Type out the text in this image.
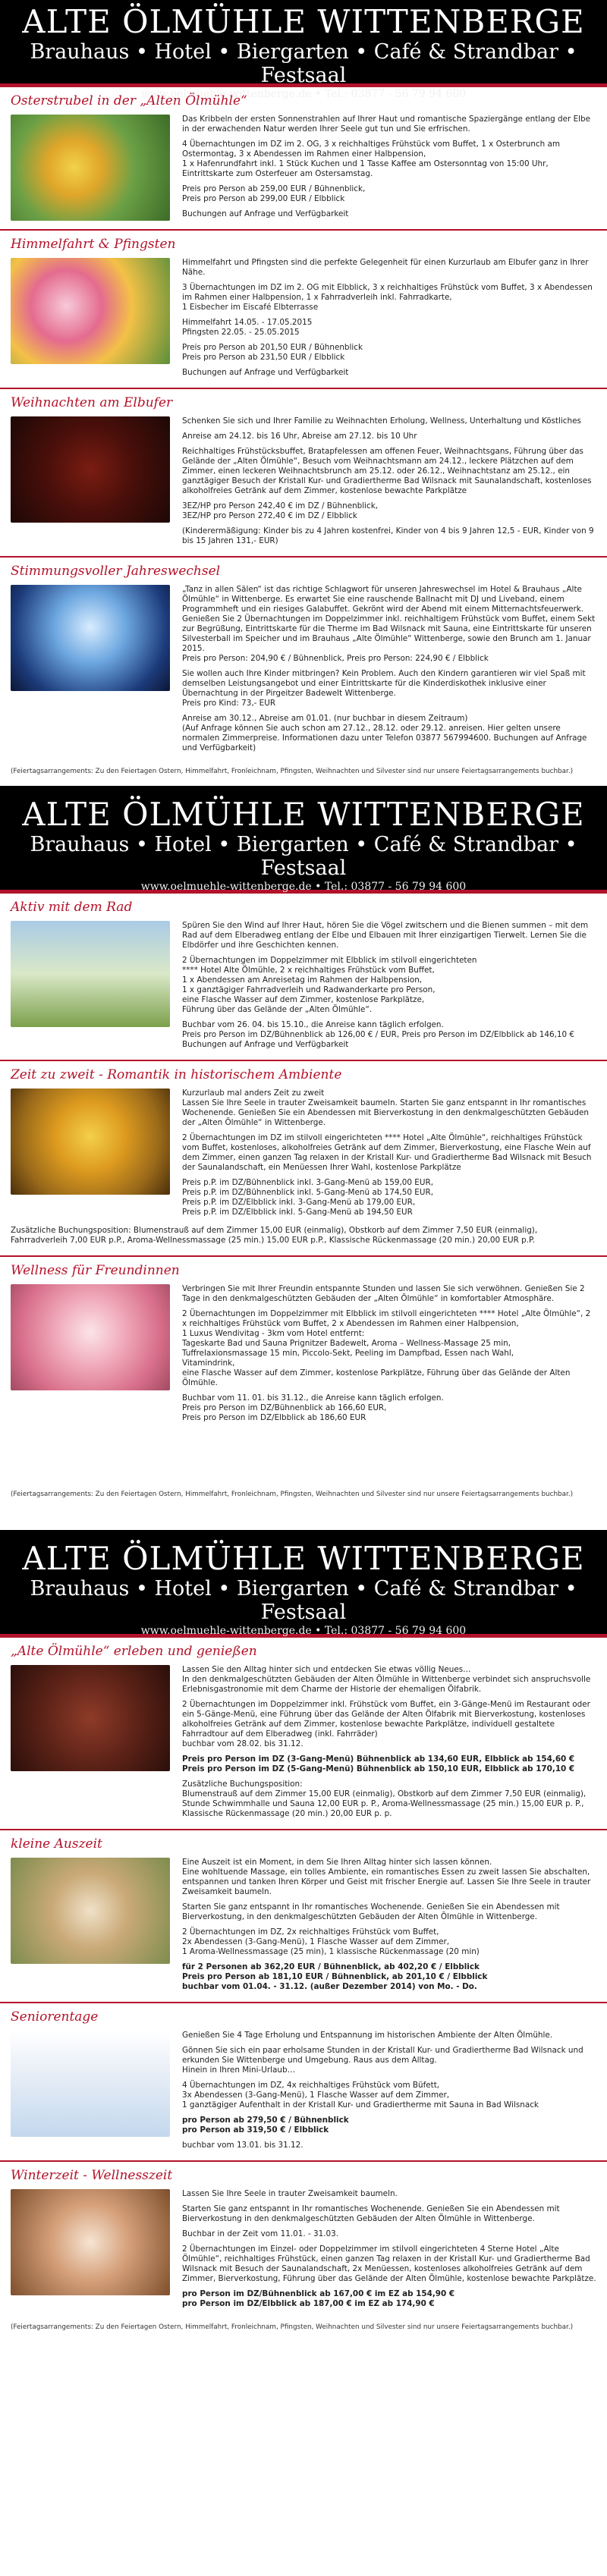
ALTE ÖLMÜHLE WITTENBERGE
Brauhaus • Hotel • Biergarten • Café & Strandbar • Festsaal
www.oelmuehle-wittenberge.de • Tel.: 03877 - 56 79 94 600
Osterstrubel in der „Alten Ölmühle“

Das Kribbeln der ersten Sonnenstrahlen auf Ihrer Haut und romantische Spaziergänge entlang der Elbe in der erwachenden Natur werden Ihrer Seele gut tun und Sie erfrischen.

4 Übernachtungen im DZ im 2. OG, 3 x reichhaltiges Frühstück vom Buffet, 1 x Osterbrunch am Ostermontag, 3 x Abendessen im Rahmen einer Halbpension,
1 x Hafenrundfahrt inkl. 1 Stück Kuchen und 1 Tasse Kaffee am Ostersonntag von 15:00 Uhr, Eintrittskarte zum Osterfeuer am Ostersamstag.

Preis pro Person ab 259,00 EUR / Bühnenblick,
Preis pro Person ab 299,00 EUR / Elbblick

Buchungen auf Anfrage und Verfügbarkeit

Himmelfahrt & Pfingsten

Himmelfahrt und Pfingsten sind die perfekte Gelegenheit für einen Kurzurlaub am Elbufer ganz in Ihrer Nähe.

3 Übernachtungen im DZ im 2. OG mit Elbblick, 3 x reichhaltiges Frühstück vom Buffet, 3 x Abendessen im Rahmen einer Halbpension, 1 x Fahrradverleih inkl. Fahrradkarte,
1 Eisbecher im Eiscafé Elbterrasse

Himmelfahrt 14.05. - 17.05.2015
Pfingsten 22.05. - 25.05.2015

Preis pro Person ab 201,50 EUR / Bühnenblick
Preis pro Person ab 231,50 EUR / Elbblick

Buchungen auf Anfrage und Verfügbarkeit

Weihnachten am Elbufer

Schenken Sie sich und Ihrer Familie zu Weihnachten Erholung, Wellness, Unterhaltung und Köstliches

Anreise am 24.12. bis 16 Uhr, Abreise am 27.12. bis 10 Uhr

Reichhaltiges Frühstücksbuffet, Bratapfelessen am offenen Feuer, Weihnachtsgans, Führung über das Gelände der „Alten Ölmühle“, Besuch vom Weihnachtsmann am 24.12., leckere Plätzchen auf dem Zimmer, einen leckeren Weihnachtsbrunch am 25.12. oder 26.12., Weihnachtstanz am 25.12., ein ganztägiger Besuch der Kristall Kur- und Gradiertherme Bad Wilsnack mit Saunalandschaft, kostenloses alkoholfreies Getränk auf dem Zimmer, kostenlose bewachte Parkplätze

3EZ/HP pro Person 242,40 € im DZ / Bühnenblick,
3EZ/HP pro Person 272,40 € im DZ / Elbblick

(Kinderermäßigung: Kinder bis zu 4 Jahren kostenfrei, Kinder von 4 bis 9 Jahren 12,5 - EUR, Kinder von 9 bis 15 Jahren 131,- EUR)

Stimmungsvoller Jahreswechsel

„Tanz in allen Sälen“ ist das richtige Schlagwort für unseren Jahreswechsel im Hotel & Brauhaus „Alte Ölmühle“ in Wittenberge. Es erwartet Sie eine rauschende Ballnacht mit DJ und Liveband, einem Programmheft und ein riesiges Galabuffet. Gekrönt wird der Abend mit einem Mitternachtsfeuerwerk. Genießen Sie 2 Übernachtungen im Doppelzimmer inkl. reichhaltigem Frühstück vom Buffet, einem Sekt zur Begrüßung, Eintrittskarte für die Therme im Bad Wilsnack mit Sauna, eine Eintrittskarte für unseren Silvesterball im Speicher und im Brauhaus „Alte Ölmühle“ Wittenberge, sowie den Brunch am 1. Januar 2015.
Preis pro Person: 204,90 € / Bühnenblick, Preis pro Person: 224,90 € / Elbblick

Sie wollen auch Ihre Kinder mitbringen? Kein Problem. Auch den Kindern garantieren wir viel Spaß mit demselben Leistungsangebot und einer Eintrittskarte für die Kinderdiskothek inklusive einer Übernachtung in der Pirgeitzer Badewelt Wittenberge.
Preis pro Kind: 73,- EUR

Anreise am 30.12., Abreise am 01.01. (nur buchbar in diesem Zeitraum)
(Auf Anfrage können Sie auch schon am 27.12., 28.12. oder 29.12. anreisen. Hier gelten unsere normalen Zimmerpreise. Informationen dazu unter Telefon 03877 567994600. Buchungen auf Anfrage und Verfügbarkeit)

(Feiertagsarrangements: Zu den Feiertagen Ostern, Himmelfahrt, Fronleichnam, Pfingsten, Weihnachten und Silvester sind nur unsere Feiertagsarrangements buchbar.)
ALTE ÖLMÜHLE WITTENBERGE
Brauhaus • Hotel • Biergarten • Café & Strandbar • Festsaal
www.oelmuehle-wittenberge.de • Tel.: 03877 - 56 79 94 600
Aktiv mit dem Rad

Spüren Sie den Wind auf Ihrer Haut, hören Sie die Vögel zwitschern und die Bienen summen – mit dem Rad auf dem Elberadweg entlang der Elbe und Elbauen mit Ihrer einzigartigen Tierwelt. Lernen Sie die Elbdörfer und ihre Geschichten kennen.

2 Übernachtungen im Doppelzimmer mit Elbblick im stilvoll eingerichteten
**** Hotel Alte Ölmühle, 2 x reichhaltiges Frühstück vom Buffet,
1 x Abendessen am Anreisetag im Rahmen der Halbpension,
1 x ganztägiger Fahrradverleih und Radwanderkarte pro Person,
eine Flasche Wasser auf dem Zimmer, kostenlose Parkplätze,
Führung über das Gelände der „Alten Ölmühle“.

Buchbar vom 26. 04. bis 15.10., die Anreise kann täglich erfolgen.
Preis pro Person im DZ/Bühnenblick ab 126,00 € / EUR, Preis pro Person im DZ/Elbblick ab 146,10 €
Buchungen auf Anfrage und Verfügbarkeit

Zeit zu zweit - Romantik in historischem Ambiente

Kurzurlaub mal anders Zeit zu zweit
Lassen Sie Ihre Seele in trauter Zweisamkeit baumeln. Starten Sie ganz entspannt in Ihr romantisches Wochenende. Genießen Sie ein Abendessen mit Bierverkostung in den denkmalgeschützten Gebäuden der „Alten Ölmühle“ in Wittenberge.

2 Übernachtungen im DZ im stilvoll eingerichteten **** Hotel „Alte Ölmühle“, reichhaltiges Frühstück vom Buffet, kostenloses, alkoholfreies Getränk auf dem Zimmer, Bierverkostung, eine Flasche Wein auf dem Zimmer, einen ganzen Tag relaxen in der Kristall Kur- und Gradiertherme Bad Wilsnack mit Besuch der Saunalandschaft, ein Menüessen Ihrer Wahl, kostenlose Parkplätze

Preis p.P. im DZ/Bühnenblick inkl. 3-Gang-Menü ab 159,00 EUR,
Preis p.P. im DZ/Bühnenblick inkl. 5-Gang-Menü ab 174,50 EUR,
Preis p.P. im DZ/Elbblick inkl. 3-Gang-Menü ab 179,00 EUR,
Preis p.P. im DZ/Elbblick inkl. 5-Gang-Menü ab 194,50 EUR

Zusätzliche Buchungsposition: Blumenstrauß auf dem Zimmer 15,00 EUR (einmalig), Obstkorb auf dem Zimmer 7,50 EUR (einmalig), Fahrradverleih 7,00 EUR p.P., Aroma-Wellnessmassage (25 min.) 15,00 EUR p.P., Klassische Rückenmassage (20 min.) 20,00 EUR p.P.

Wellness für Freundinnen

Verbringen Sie mit Ihrer Freundin entspannte Stunden und lassen Sie sich verwöhnen. Genießen Sie 2 Tage in den denkmalgeschützten Gebäuden der „Alten Ölmühle“ in komfortabler Atmosphäre.

2 Übernachtungen im Doppelzimmer mit Elbblick im stilvoll eingerichteten **** Hotel „Alte Ölmühle“, 2 x reichhaltiges Frühstück vom Buffet, 2 x Abendessen im Rahmen einer Halbpension,
1 Luxus Wendivitag - 3km vom Hotel entfernt:
Tageskarte Bad und Sauna Prignitzer Badewelt, Aroma – Wellness-Massage 25 min,
Tuffrelaxionsmassage 15 min, Piccolo-Sekt, Peeling im Dampfbad, Essen nach Wahl,
Vitamindrink,
eine Flasche Wasser auf dem Zimmer, kostenlose Parkplätze, Führung über das Gelände der Alten Ölmühle.

Buchbar vom 11. 01. bis 31.12., die Anreise kann täglich erfolgen.
Preis pro Person im DZ/Bühnenblick ab 166,60 EUR,
Preis pro Person im DZ/Elbblick ab 186,60 EUR

(Feiertagsarrangements: Zu den Feiertagen Ostern, Himmelfahrt, Fronleichnam, Pfingsten, Weihnachten und Silvester sind nur unsere Feiertagsarrangements buchbar.)
ALTE ÖLMÜHLE WITTENBERGE
Brauhaus • Hotel • Biergarten • Café & Strandbar • Festsaal
www.oelmuehle-wittenberge.de • Tel.: 03877 - 56 79 94 600
„Alte Ölmühle“ erleben und genießen

Lassen Sie den Alltag hinter sich und entdecken Sie etwas völlig Neues…
In den denkmalgeschützten Gebäuden der Alten Ölmühle in Wittenberge verbindet sich anspruchsvolle Erlebnisgastronomie mit dem Charme der Historie der ehemaligen Ölfabrik.

2 Übernachtungen im Doppelzimmer inkl. Frühstück vom Buffet, ein 3-Gänge-Menü im Restaurant oder ein 5-Gänge-Menü, eine Führung über das Gelände der Alten Ölfabrik mit Bierverkostung, kostenloses alkoholfreies Getränk auf dem Zimmer, kostenlose bewachte Parkplätze, individuell gestaltete Fahrradtour auf dem Elberadweg (inkl. Fahrräder)
buchbar vom 28.02. bis 31.12.

Preis pro Person im DZ (3-Gang-Menü) Bühnenblick ab 134,60 EUR, Elbblick ab 154,60 €
Preis pro Person im DZ (5-Gang-Menü) Bühnenblick ab 150,10 EUR, Elbblick ab 170,10 €

Zusätzliche Buchungsposition:
Blumenstrauß auf dem Zimmer 15,00 EUR (einmalig), Obstkorb auf dem Zimmer 7,50 EUR (einmalig), Stunde Schwimmhalle und Sauna 12,00 EUR p. P., Aroma-Wellnessmassage (25 min.) 15,00 EUR p. P., Klassische Rückenmassage (20 min.) 20,00 EUR p. p.

kleine Auszeit

Eine Auszeit ist ein Moment, in dem Sie Ihren Alltag hinter sich lassen können.
Eine wohltuende Massage, ein tolles Ambiente, ein romantisches Essen zu zweit lassen Sie abschalten, entspannen und tanken Ihren Körper und Geist mit frischer Energie auf. Lassen Sie Ihre Seele in trauter Zweisamkeit baumeln.

Starten Sie ganz entspannt in Ihr romantisches Wochenende. Genießen Sie ein Abendessen mit Bierverkostung, in den denkmalgeschützten Gebäuden der Alten Ölmühle in Wittenberge.

2 Übernachtungen im DZ, 2x reichhaltiges Frühstück vom Buffet,
2x Abendessen (3-Gang-Menü), 1 Flasche Wasser auf dem Zimmer,
1 Aroma-Wellnessmassage (25 min), 1 klassische Rückenmassage (20 min)

für 2 Personen ab 362,20 EUR / Bühnenblick, ab 402,20 € / Elbblick
Preis pro Person ab 181,10 EUR / Bühnenblick, ab 201,10 € / Elbblick
buchbar vom 01.04. - 31.12. (außer Dezember 2014) von Mo. - Do.

Seniorentage

Genießen Sie 4 Tage Erholung und Entspannung im historischen Ambiente der Alten Ölmühle.

Gönnen Sie sich ein paar erholsame Stunden in der Kristall Kur- und Gradiertherme Bad Wilsnack und erkunden Sie Wittenberge und Umgebung. Raus aus dem Alltag.
Hinein in Ihren Mini-Urlaub…

4 Übernachtungen im DZ, 4x reichhaltiges Frühstück vom Büfett,
3x Abendessen (3-Gang-Menü), 1 Flasche Wasser auf dem Zimmer,
1 ganztägiger Aufenthalt in der Kristall Kur- und Gradiertherme mit Sauna in Bad Wilsnack

pro Person ab 279,50 € / Bühnenblick
pro Person ab 319,50 € / Elbblick

buchbar vom 13.01. bis 31.12.

Winterzeit - Wellnesszeit

Lassen Sie Ihre Seele in trauter Zweisamkeit baumeln.

Starten Sie ganz entspannt in Ihr romantisches Wochenende. Genießen Sie ein Abendessen mit Bierverkostung in den denkmalgeschützten Gebäuden der Alten Ölmühle in Wittenberge.

Buchbar in der Zeit vom 11.01. - 31.03.

2 Übernachtungen im Einzel- oder Doppelzimmer im stilvoll eingerichteten 4 Sterne Hotel „Alte Ölmühle“, reichhaltiges Frühstück, einen ganzen Tag relaxen in der Kristall Kur- und Gradiertherme Bad Wilsnack mit Besuch der Saunalandschaft, 2x Menüessen, kostenloses alkoholfreies Getränk auf dem Zimmer, Bierverkostung, Führung über das Gelände der Alten Ölmühle, kostenlose bewachte Parkplätze.

pro Person im DZ/Bühnenblick ab 167,00 € im EZ ab 154,90 €
pro Person im DZ/Elbblick ab 187,00 € im EZ ab 174,90 €

(Feiertagsarrangements: Zu den Feiertagen Ostern, Himmelfahrt, Fronleichnam, Pfingsten, Weihnachten und Silvester sind nur unsere Feiertagsarrangements buchbar.)
